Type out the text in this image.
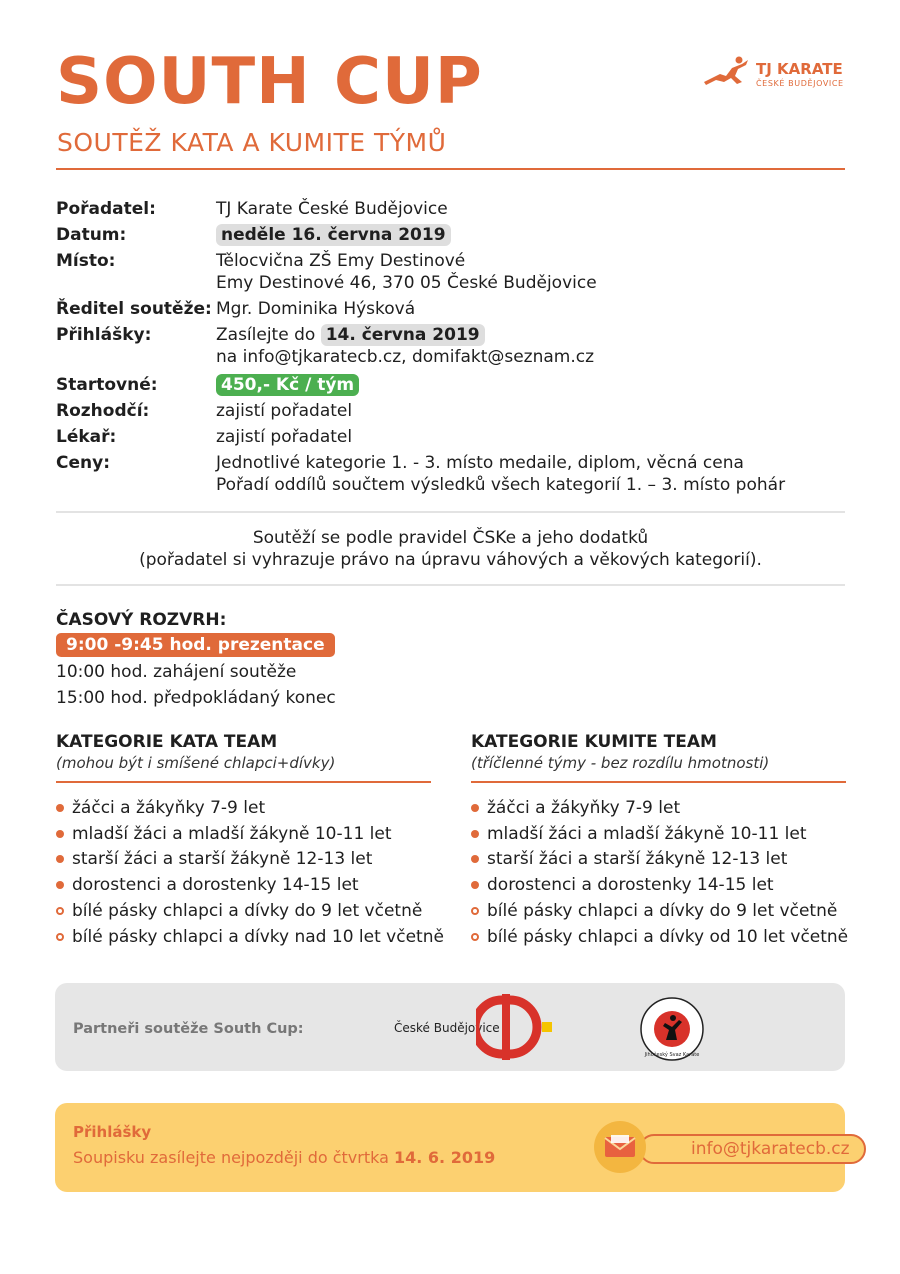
SOUTH CUP
SOUTĚŽ KATA A KUMITE TÝMŮ
TJ KARATE
ČESKÉ BUDĚJOVICE
Pořadatel:	TJ Karate České Budějovice
Datum:	neděle 16. června 2019
Místo:	Tělocvična ZŠ Emy Destinové
Emy Destinové 46, 370 05 České Budějovice
Ředitel soutěže: Mgr. Dominika Hýsková
Přihlášky:	Zasílejte do 14. června 2019
na info@tjkaratecb.cz, domifakt@seznam.cz
Startovné:	450,- Kč / tým
Rozhodčí:	zajistí pořadatel
Lékař:	zajistí pořadatel
Ceny:	Jednotlivé kategorie 1. - 3. místo medaile, diplom, věcná cena
Pořadí oddílů součtem výsledků všech kategorií 1. – 3. místo pohár
Soutěží se podle pravidel ČSKe a jeho dodatků
(pořadatel si vyhrazuje právo na úpravu váhových a věkových kategorií).
ČASOVÝ ROZVRH:
9:00 -9:45 hod. prezentace
10:00 hod. zahájení soutěže
15:00 hod. předpokládaný konec
KATEGORIE KATA TEAM
(mohou být i smíšené chlapci+dívky)
žáčci a žákyňky 7-9 let
mladší žáci a mladší žákyně 10-11 let
starší žáci a starší žákyně 12-13 let
dorostenci a dorostenky 14-15 let
bílé pásky chlapci a dívky do 9 let včetně
bílé pásky chlapci a dívky nad 10 let včetně
KATEGORIE KUMITE TEAM
(tříčlenné týmy - bez rozdílu hmotnosti)
žáčci a žákyňky 7-9 let
mladší žáci a mladší žákyně 10-11 let
starší žáci a starší žákyně 12-13 let
dorostenci a dorostenky 14-15 let
bílé pásky chlapci a dívky do 9 let včetně
bílé pásky chlapci a dívky od 10 let včetně
Partneři soutěže South Cup:	České Budějovice
Jihočeský Svaz Karate
Přihlášky
Soupisku zasílejte nejpozději do čtvrtka 14. 6. 2019	info@tjkaratecb.cz
